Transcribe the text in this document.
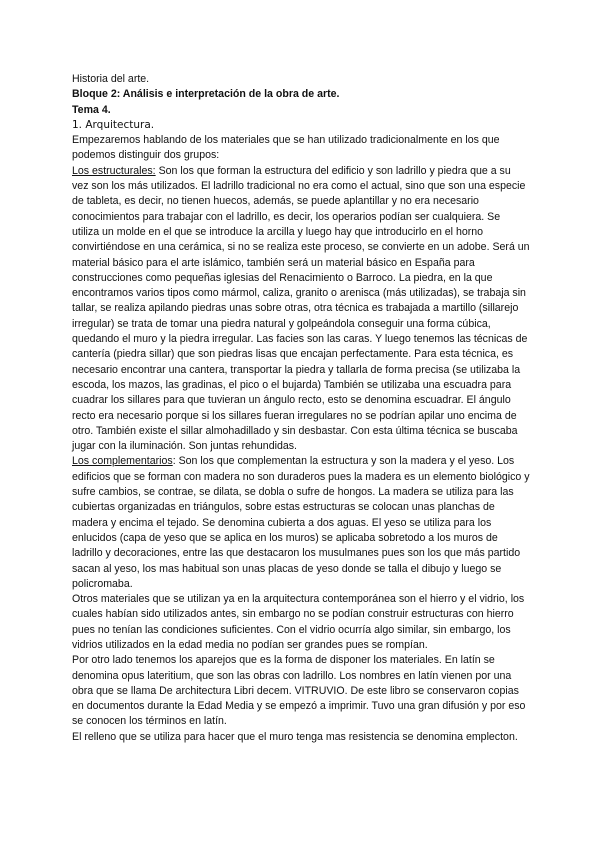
Historia del arte.
Bloque 2: Análisis e interpretación de la obra de arte.
Tema 4.
1. Arquitectura.

Empezaremos hablando de los materiales que se han utilizado tradicionalmente en los que podemos distinguir dos grupos:

Los estructurales: Son los que forman la estructura del edificio y son ladrillo y piedra que a su vez son los más utilizados. El ladrillo tradicional no era como el actual, sino que son una especie de tableta, es decir, no tienen huecos, además, se puede aplantillar y no era necesario conocimientos para trabajar con el ladrillo, es decir, los operarios podían ser cualquiera. Se utiliza un molde en el que se introduce la arcilla y luego hay que introducirlo en el horno convirtiéndose en una cerámica, si no se realiza este proceso, se convierte en un adobe. Será un material básico para el arte islámico, también será un material básico en España para construcciones como pequeñas iglesias del Renacimiento o Barroco. La piedra, en la que encontramos varios tipos como mármol, caliza, granito o arenisca (más utilizadas), se trabaja sin tallar, se realiza apilando piedras unas sobre otras, otra técnica es trabajada a martillo (sillarejo irregular) se trata de tomar una piedra natural y golpeándola conseguir una forma cúbica, quedando el muro y la piedra irregular. Las facies son las caras. Y luego tenemos las técnicas de cantería (piedra sillar) que son piedras lisas que encajan perfectamente. Para esta técnica, es necesario encontrar una cantera, transportar la piedra y tallarla de forma precisa (se utilizaba la escoda, los mazos, las gradinas, el pico o el bujarda) También se utilizaba una escuadra para cuadrar los sillares para que tuvieran un ángulo recto, esto se denomina escuadrar. El ángulo recto era necesario porque si los sillares fueran irregulares no se podrían apilar uno encima de otro. También existe el sillar almohadillado y sin desbastar. Con esta última técnica se buscaba jugar con la iluminación. Son juntas rehundidas.

Los complementarios: Son los que complementan la estructura y son la madera y el yeso. Los edificios que se forman con madera no son duraderos pues la madera es un elemento biológico y sufre cambios, se contrae, se dilata, se dobla o sufre de hongos. La madera se utiliza para las cubiertas organizadas en triángulos, sobre estas estructuras se colocan unas planchas de madera y encima el tejado. Se denomina cubierta a dos aguas. El yeso se utiliza para los enlucidos (capa de yeso que se aplica en los muros) se aplicaba sobretodo a los muros de ladrillo y decoraciones, entre las que destacaron los musulmanes pues son los que más partido sacan al yeso, los mas habitual son unas placas de yeso donde se talla el dibujo y luego se policromaba.

Otros materiales que se utilizan ya en la arquitectura contemporánea son el hierro y el vidrio, los cuales habían sido utilizados antes, sin embargo no se podían construir estructuras con hierro pues no tenían las condiciones suficientes. Con el vidrio ocurría algo similar, sin embargo, los vidrios utilizados en la edad media no podían ser grandes pues se rompían.

Por otro lado tenemos los aparejos que es la forma de disponer los materiales. En latín se denomina opus lateritium, que son las obras con ladrillo. Los nombres en latín vienen por una obra que se llama De architectura Libri decem. VITRUVIO. De este libro se conservaron copias en documentos durante la Edad Media y se empezó a imprimir. Tuvo una gran difusión y por eso se conocen los términos en latín.

El relleno que se utiliza para hacer que el muro tenga mas resistencia se denomina emplecton.
